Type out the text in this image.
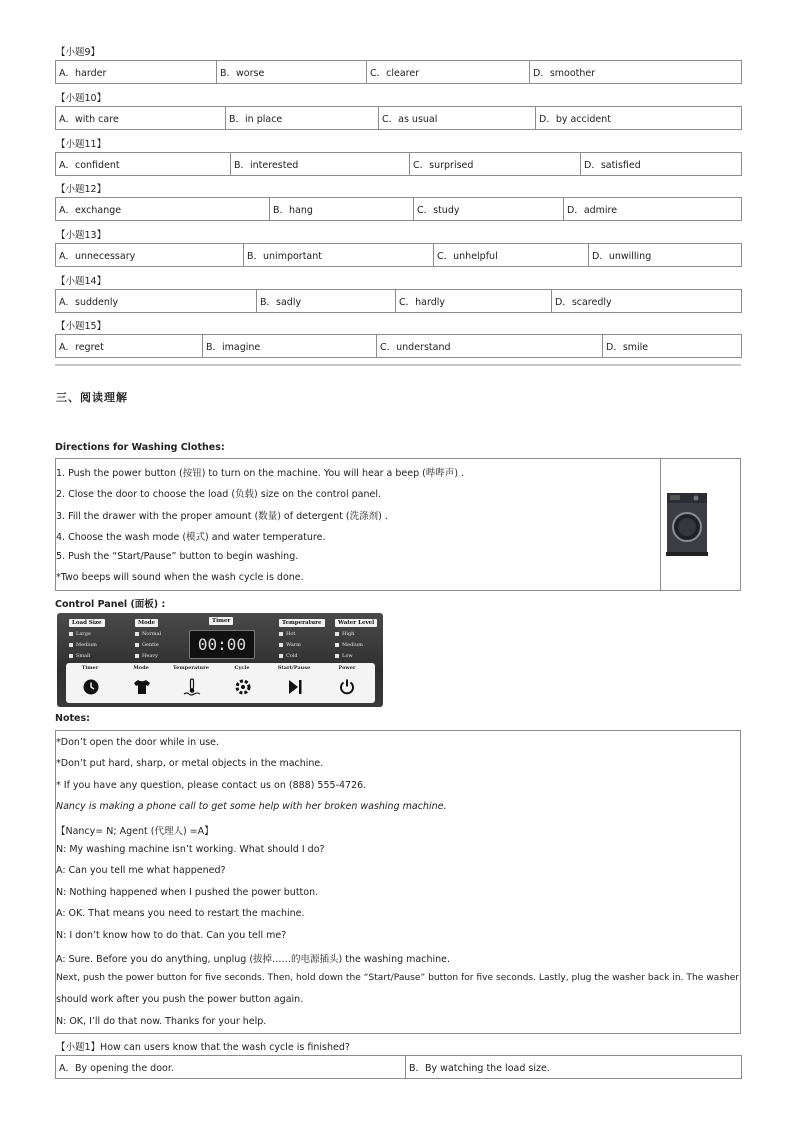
【小题9】
A．harder	B．worse	C．clearer	D．smoother
【小题10】
A．with care	B．in place	C．as usual	D．by accident
【小题11】
A．confident	B．interested	C．surprised	D．satisfied
【小题12】
A．exchange	B．hang	C．study	D．admire
【小题13】
A．unnecessary	B．unimportant	C．unhelpful	D．unwilling
【小题14】
A．suddenly	B．sadly	C．hardly	D．scaredly
【小题15】
A．regret	B．imagine	C．understand	D．smile
三、阅读理解
Directions for Washing Clothes:
1. Push the power button (按钮) to turn on the machine. You will hear a beep (哔哔声) .
2. Close the door to choose the load (负载) size on the control panel.
3. Fill the drawer with the proper amount (数量) of detergent (洗涤剂) .
4. Choose the wash mode (模式) and water temperature.
5. Push the “Start/Pause” button to begin washing.
*Two beeps will sound when the wash cycle is done.
Control Panel (面板) :
Load Size
Large
Medium
Small
Mode
Normal
Gentle
Heavy
Timer
00:00
Temperature
Hot
Warm
Cold
Water Level
High
Medium
Low
Timer	Mode	Temperature	Cycle	Start/Pause	Power
Notes:
*Don’t open the door while in use.
*Don’t put hard, sharp, or metal objects in the machine.
* If you have any question, please contact us on (888) 555-4726.
Nancy is making a phone call to get some help with her broken washing machine.
【Nancy= N; Agent (代理人) =A】
N: My washing machine isn’t working. What should I do?
A: Can you tell me what happened?
N: Nothing happened when I pushed the power button.
A: OK. That means you need to restart the machine.
N: I don’t know how to do that. Can you tell me?
A: Sure. Before you do anything, unplug (拔掉……的电源插头) the washing machine.
Next, push the power button for five seconds. Then, hold down the “Start/Pause” button for five seconds. Lastly, plug the washer back in. The washer
should work after you push the power button again.
N: OK, I’ll do that now. Thanks for your help.
【小题1】How can users know that the wash cycle is finished?
A．By opening the door.	B．By watching the load size.
